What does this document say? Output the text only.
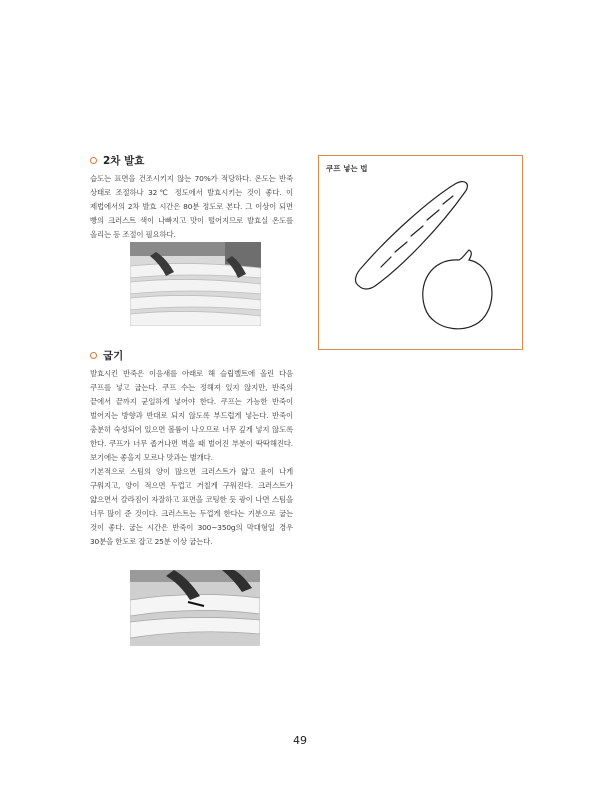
2차 발효

습도는 표면을 건조시키지 않는 70%가 적당하다. 온도는 반죽 상태로 조절하나 32℃ 정도에서 발효시키는 것이 좋다. 이 제법에서의 2차 발효 시간은 80분 정도로 본다. 그 이상이 되면 빵의 크러스트 색이 나빠지고 맛이 떨어지므로 발효실 온도를 올리는 등 조절이 필요하다.

굽기

발효시킨 반죽은 이음새를 아래로 해 슬립벨트에 올린 다음 쿠프를 넣고 굽는다. 쿠프 수는 정해져 있지 않지만, 반죽의 끝에서 끝까지 균일하게 넣어야 한다. 쿠프는 가능한 반죽이 벌어지는 방향과 반대로 되지 않도록 부드럽게 넣는다. 반죽이 충분히 숙성되어 있으면 볼륨이 나오므로 너무 깊게 넣지 않도록 한다. 쿠프가 너무 좁거나면 벽을 때 벌어진 부분이 딱딱해진다. 보기에는 좋을지 모르나 맛과는 별개다.

기본적으로 스팀의 양이 많으면 크러스트가 얇고 윤이 나게 구워지고, 양이 적으면 두껍고 거칠게 구워진다. 크러스트가 얇으면서 갈라짐이 자잘하고 표면을 코팅한 듯 광이 나면 스팀을 너무 많이 준 것이다. 크러스트는 두껍게 한다는 기분으로 굽는 것이 좋다. 굽는 시간은 반죽이 300~350g의 막대형일 경우 30분을 한도로 잡고 25분 이상 굽는다.

쿠프 넣는 법
49
